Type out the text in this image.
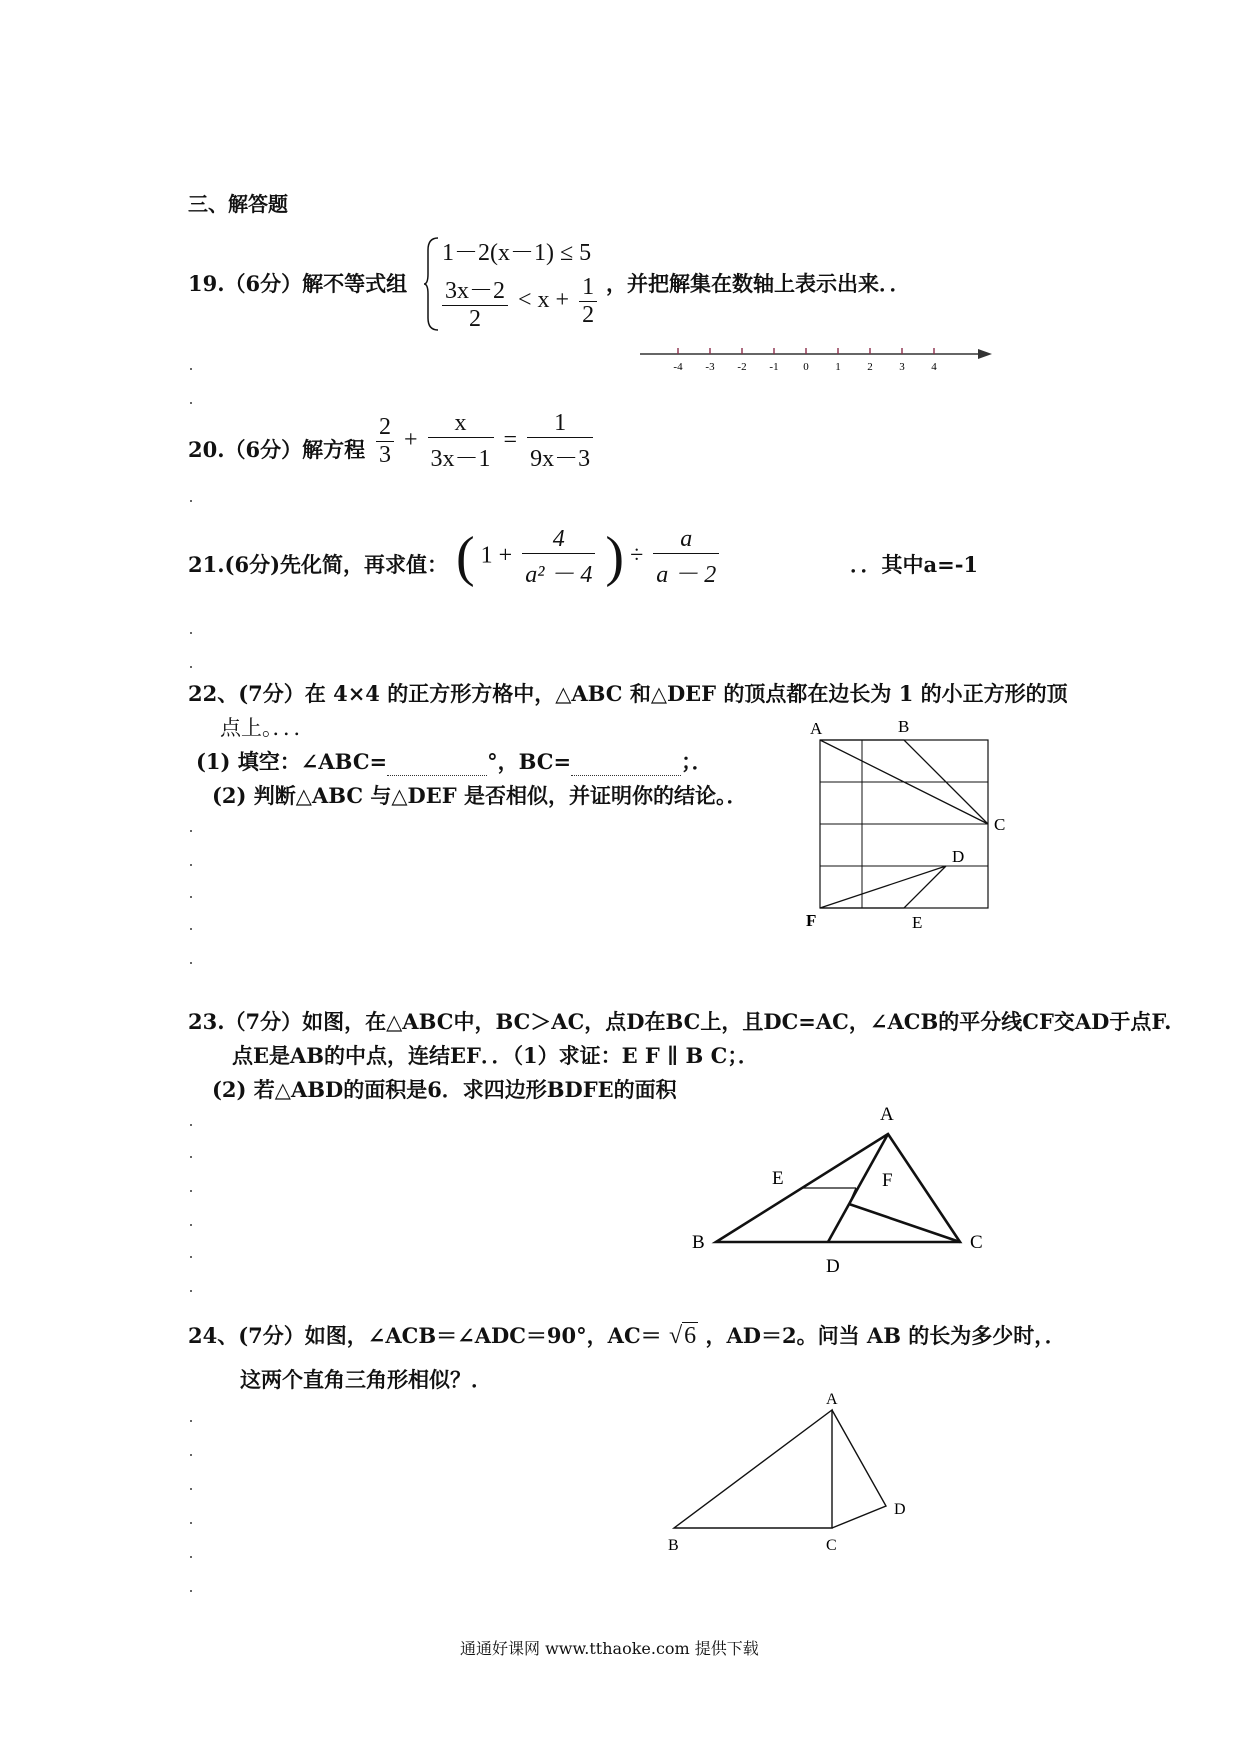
三、解答题
19.（6分）解不等式组
1－2(x－1) ≤ 5
$\frac{3x-2}{2} < x + \frac{1}{2}$ ，并把解集在数轴上表示出来．．
-4 -3 -2 -1 0 1 2 3 4
20.（6分）解方程 $\frac{2}{3} + \frac{x}{3x-1} = \frac{1}{9x-3}$
21.(6分)先化简，再求值： ( $1 + \frac{4}{\text{a² － 4}}$ ) ÷ $\frac{a}{a - 2}$	．．其中a=-1
22、(7分）在 4×4 的正方形方格中，△ABC 和△DEF 的顶点都在边长为 1 的小正方形的顶
点上。．．．
(1) 填空：∠ABC=	°，BC=	；．
(2) 判断△ABC 与△DEF 是否相似，并证明你的结论。．
A	B
C
D
E
F
23.（7分）如图，在△ABC中，BC＞AC，点D在BC上，且DC=AC，∠ACB的平分线CF交AD于点F.
点E是AB的中点，连结EF．．（1）求证：E F ∥ B C；．
(2) 若△ABD的面积是6．求四边形BDFE的面积
A
E	F
B	C
D
24、(7分）如图，∠ACB＝∠ADC＝90°，AC＝ √6 ，AD＝2。问当 AB 的长为多少时，．
这两个直角三角形相似？．
A
D
B	C
通通好课网 www.tthaoke.com 提供下载
